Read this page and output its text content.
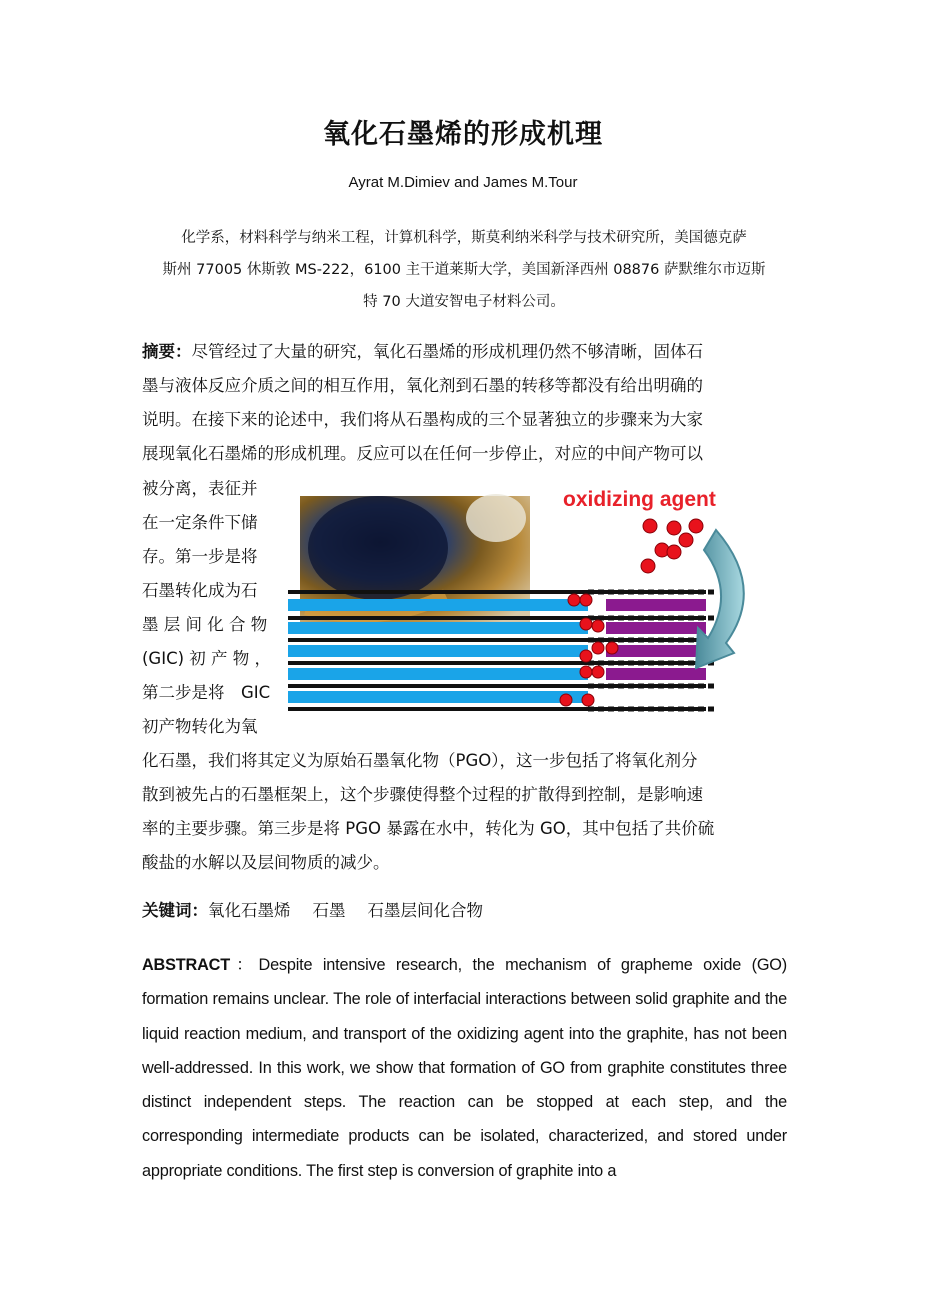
氧化石墨烯的形成机理
Ayrat M.Dimiev and James M.Tour
化学系，材料科学与纳米工程，计算机科学，斯莫利纳米科学与技术研究所，美国德克萨
斯州 77005 休斯敦 MS-222，6100 主干道莱斯大学，美国新泽西州 08876 萨默维尔市迈斯
特 70 大道安智电子材料公司。
摘要：尽管经过了大量的研究，氧化石墨烯的形成机理仍然不够清晰，固体石
墨与液体反应介质之间的相互作用，氧化剂到石墨的转移等都没有给出明确的
说明。在接下来的论述中，我们将从石墨构成的三个显著独立的步骤来为大家
展现氧化石墨烯的形成机理。反应可以在任何一步停止，对应的中间产物可以
被分离，表征并
在一定条件下储
存。第一步是将
石墨转化成为石
墨 层 间 化 合 物
(GIC) 初 产 物 ，
第二步是将　GIC
初产物转化为氧
oxidizing agent
化石墨，我们将其定义为原始石墨氧化物（PGO），这一步包括了将氧化剂分
散到被先占的石墨框架上，这个步骤使得整个过程的扩散得到控制，是影响速
率的主要步骤。第三步是将 PGO 暴露在水中，转化为 GO，其中包括了共价硫
酸盐的水解以及层间物质的减少。
关键词：氧化石墨烯 石墨 石墨层间化合物
ABSTRACT：Despite intensive research, the mechanism of grapheme oxide (GO) formation remains unclear. The role of interfacial interactions between solid graphite and the liquid reaction medium, and transport of the oxidizing agent into the graphite, has not been well-addressed. In this work, we show that formation of GO from graphite constitutes three distinct independent steps. The reaction can be stopped at each step, and the corresponding intermediate products can be isolated, characterized, and stored under appropriate conditions. The first step is conversion of graphite into a
